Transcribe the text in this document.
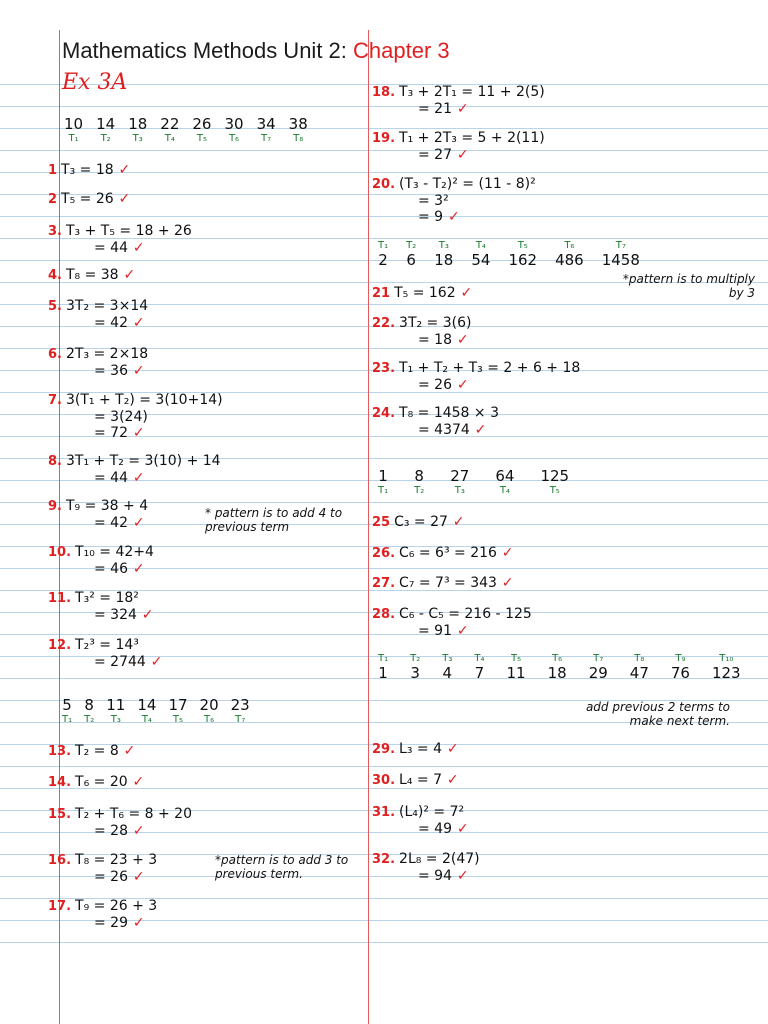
Mathematics Methods Unit 2: Chapter 3
Ex 3A
10
T₁
14
T₂
18
T₃
22
T₄
26
T₅
30
T₆
34
T₇
38
T₈
5
T₁
8
T₂
11
T₃
14
T₄
17
T₅
20
T₆
23
T₇
2
T₁
6
T₂
18
T₃
54
T₄
162
T₅
486
T₆
1458
T₇
1
T₁
8
T₂
27
T₃
64
T₄
125
T₅
1
T₁
3
T₂
4
T₃
7
T₄
11
T₅
18
T₆
29
T₇
47
T₈
76
T₉
123
T₁₀
* pattern is to add 4 to previous term
*pattern is to add 3 to previous term.
*pattern is to multiply by 3
add previous 2 terms to make next term.
1 T₃ = 18 ✓
2 T₅ = 26 ✓
3. T₃ + T₅ = 18 + 26
= 44 ✓
4. T₈ = 38 ✓
5. 3T₂ = 3×14
= 42 ✓
6. 2T₃ = 2×18
= 36 ✓
7. 3(T₁ + T₂) = 3(10+14)
= 3(24)
= 72 ✓
8. 3T₁ + T₂ = 3(10) + 14
= 44 ✓
9. T₉ = 38 + 4
= 42 ✓
10. T₁₀ = 42+4
= 46 ✓
11. T₃² = 18²
= 324 ✓
12. T₂³ = 14³
= 2744 ✓
13. T₂ = 8 ✓
14. T₆ = 20 ✓
15. T₂ + T₆ = 8 + 20
= 28 ✓
16. T₈ = 23 + 3
= 26 ✓
17. T₉ = 26 + 3
= 29 ✓
18. T₃ + 2T₁ = 11 + 2(5)
= 21 ✓
19. T₁ + 2T₃ = 5 + 2(11)
= 27 ✓
20. (T₃ - T₂)² = (11 - 8)²
= 3²
= 9 ✓
21 T₅ = 162 ✓
22. 3T₂ = 3(6)
= 18 ✓
23. T₁ + T₂ + T₃ = 2 + 6 + 18
= 26 ✓
24. T₈ = 1458 × 3
= 4374 ✓
25 C₃ = 27 ✓
26. C₆ = 6³ = 216 ✓
27. C₇ = 7³ = 343 ✓
28. C₆ - C₅ = 216 - 125
= 91 ✓
29. L₃ = 4 ✓
30. L₄ = 7 ✓
31. (L₄)² = 7²
= 49 ✓
32. 2L₈ = 2(47)
= 94 ✓
